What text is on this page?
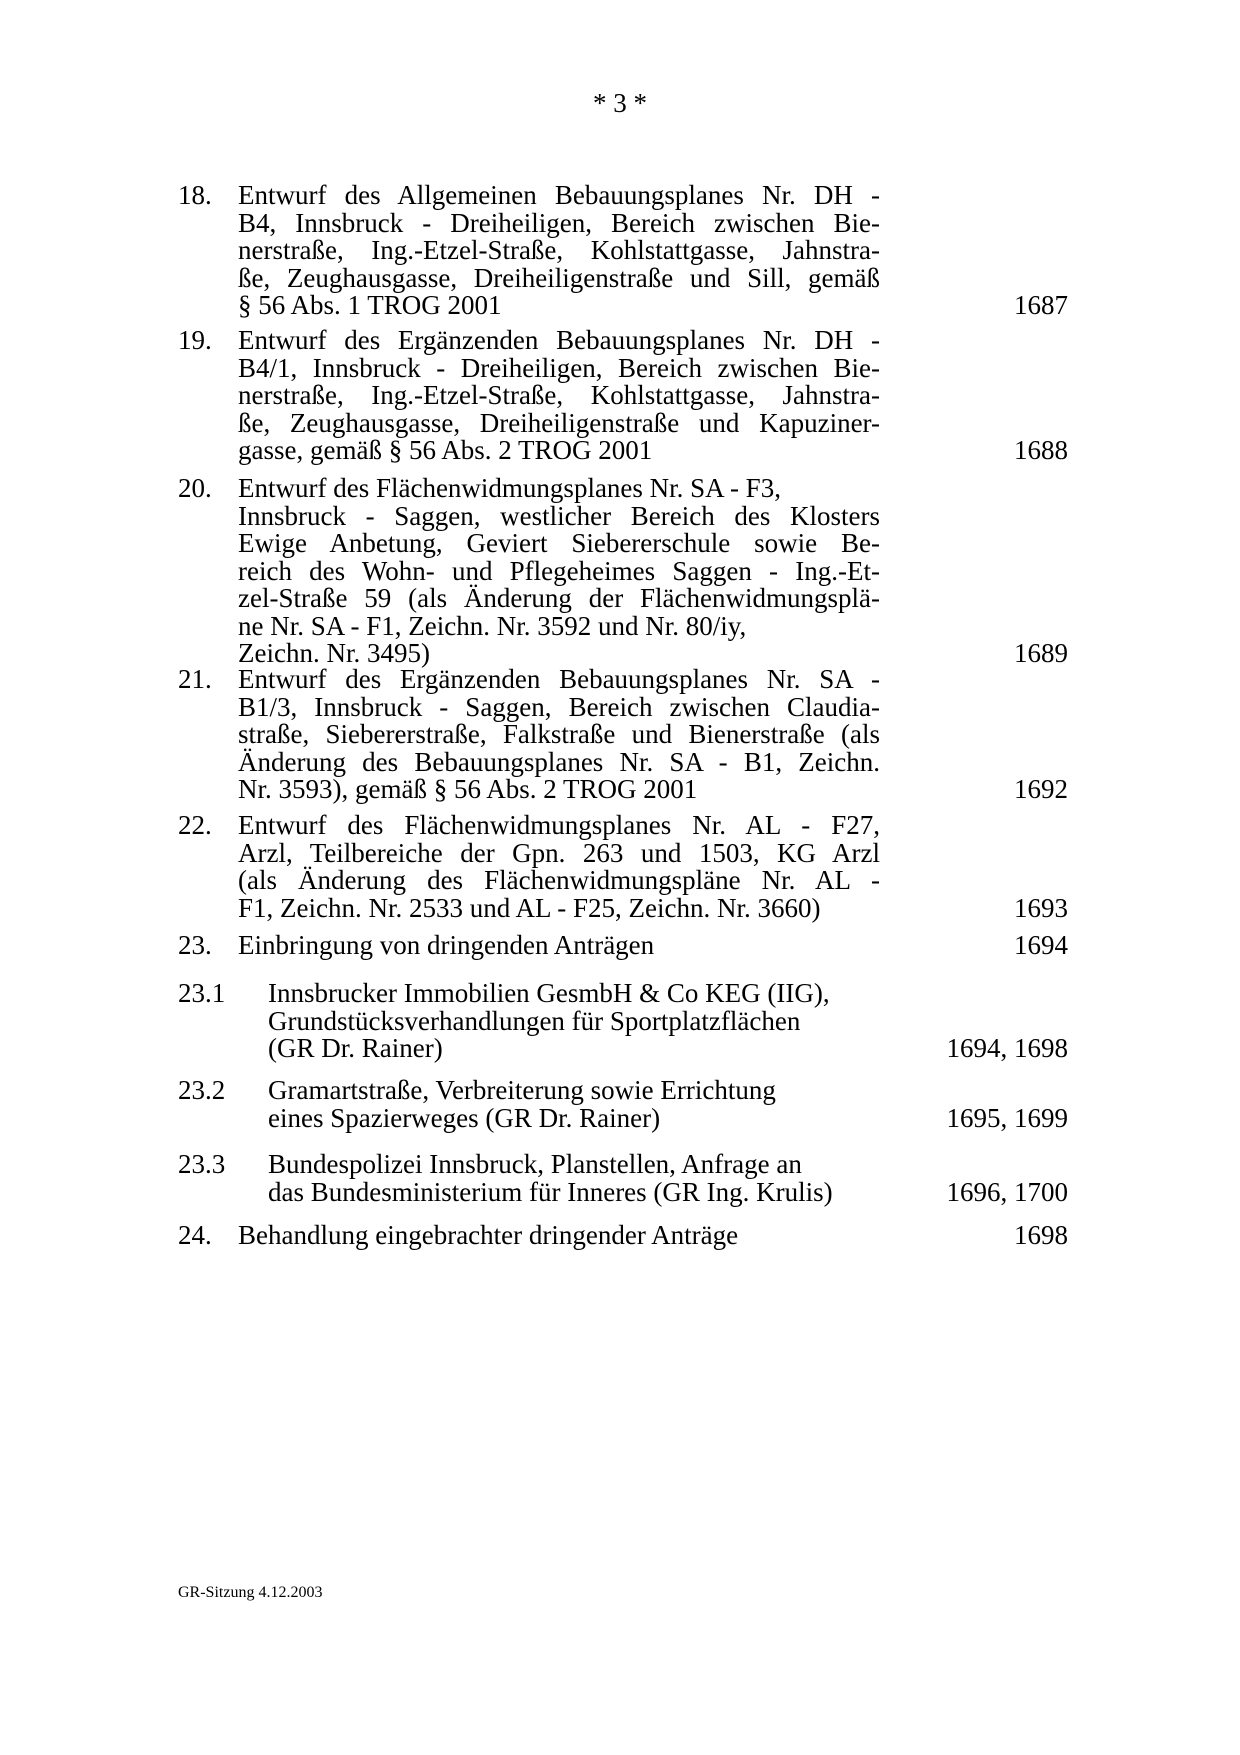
* 3 *
18. Entwurf des Allgemeinen Bebauungsplanes Nr. DH -
B4, Innsbruck - Dreiheiligen, Bereich zwischen Bie-
nerstraße, Ing.-Etzel-Straße, Kohlstattgasse, Jahnstra-
ße, Zeughausgasse, Dreiheiligenstraße und Sill, gemäß
§ 56 Abs. 1 TROG 2001	1687
19. Entwurf des Ergänzenden Bebauungsplanes Nr. DH -
B4/1, Innsbruck - Dreiheiligen, Bereich zwischen Bie-
nerstraße, Ing.-Etzel-Straße, Kohlstattgasse, Jahnstra-
ße, Zeughausgasse, Dreiheiligenstraße und Kapuziner-
gasse, gemäß § 56 Abs. 2 TROG 2001	1688
20. Entwurf des Flächenwidmungsplanes Nr. SA - F3,
Innsbruck - Saggen, westlicher Bereich des Klosters
Ewige Anbetung, Geviert Siebererschule sowie Be-
reich des Wohn- und Pflegeheimes Saggen - Ing.-Et-
zel-Straße 59 (als Änderung der Flächenwidmungsplä-
ne Nr. SA - F1, Zeichn. Nr. 3592 und Nr. 80/iy,
Zeichn. Nr. 3495)	1689
21. Entwurf des Ergänzenden Bebauungsplanes Nr. SA -
B1/3, Innsbruck - Saggen, Bereich zwischen Claudia-
straße, Siebererstraße, Falkstraße und Bienerstraße (als
Änderung des Bebauungsplanes Nr. SA - B1, Zeichn.
Nr. 3593), gemäß § 56 Abs. 2 TROG 2001	1692
22. Entwurf des Flächenwidmungsplanes Nr. AL - F27,
Arzl, Teilbereiche der Gpn. 263 und 1503, KG Arzl
(als Änderung des Flächenwidmungspläne Nr. AL -
F1, Zeichn. Nr. 2533 und AL - F25, Zeichn. Nr. 3660)	1693
23. Einbringung von dringenden Anträgen	1694
23.1 Innsbrucker Immobilien GesmbH & Co KEG (IIG),
Grundstücksverhandlungen für Sportplatzflächen
(GR Dr. Rainer)	1694, 1698
23.2 Gramartstraße, Verbreiterung sowie Errichtung
eines Spazierweges (GR Dr. Rainer)	1695, 1699
23.3 Bundespolizei Innsbruck, Planstellen, Anfrage an
das Bundesministerium für Inneres (GR Ing. Krulis)	1696, 1700
24. Behandlung eingebrachter dringender Anträge	1698
GR-Sitzung 4.12.2003
